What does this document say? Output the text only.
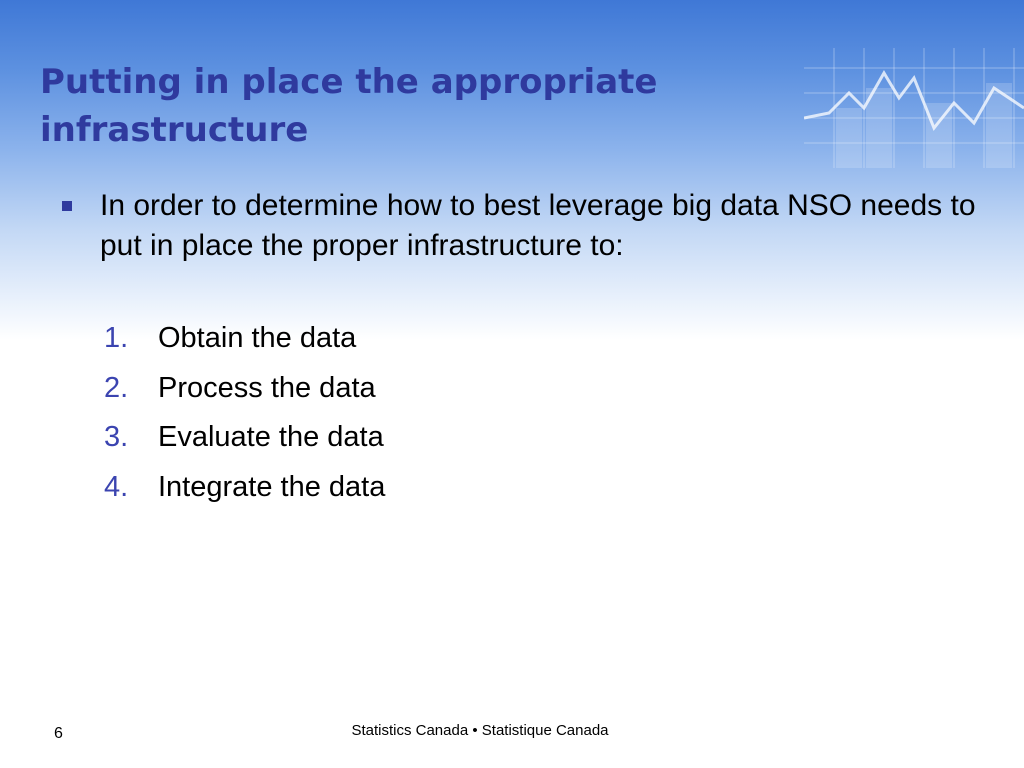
Putting in place the appropriate infrastructure
In order to determine how to best leverage big data NSO needs to put in place the proper infrastructure to:
1.	Obtain the data
2.	Process the data
3.	Evaluate the data
4.	Integrate the data
6	Statistics Canada • Statistique Canada
